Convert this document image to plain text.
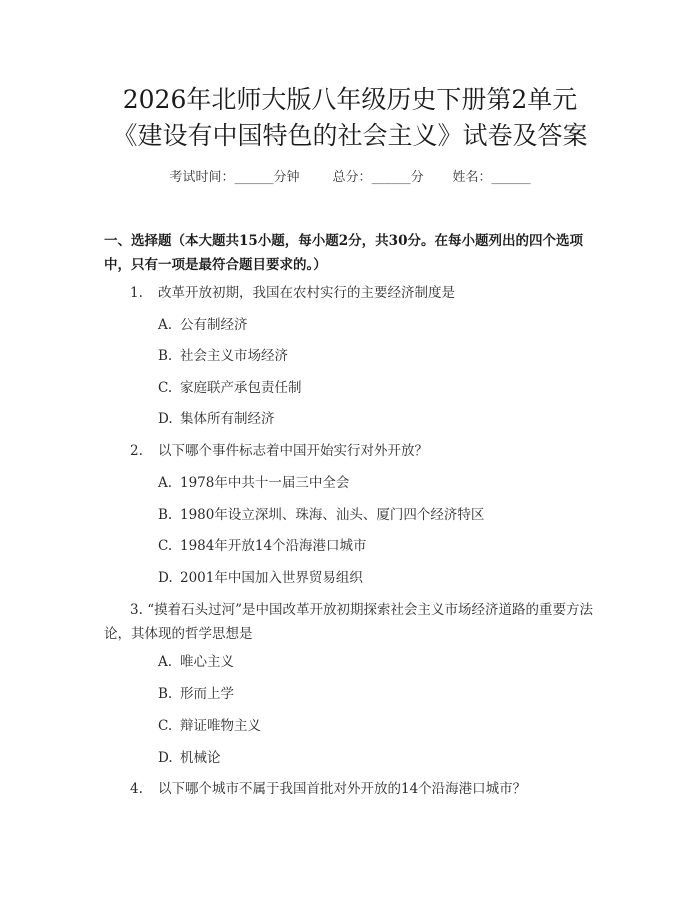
2026年北师大版八年级历史下册第2单元
《建设有中国特色的社会主义》试卷及答案
考试时间：______分钟	总分：______分 姓名：______
一、选择题（本大题共15小题，每小题2分，共30分。在每小题列出的四个选项中，只有一项是最符合题目要求的。）
1.	改革开放初期，我国在农村实行的主要经济制度是
A. 公有制经济
B. 社会主义市场经济
C. 家庭联产承包责任制
D. 集体所有制经济
2.	以下哪个事件标志着中国开始实行对外开放？
A. 1978年中共十一届三中全会
B. 1980年设立深圳、珠海、汕头、厦门四个经济特区
C. 1984年开放14个沿海港口城市
D. 2001年中国加入世界贸易组织
3. “摸着石头过河”是中国改革开放初期探索社会主义市场经济道路的重要方法论，其体现的哲学思想是
A. 唯心主义
B. 形而上学
C. 辩证唯物主义
D. 机械论
4.	以下哪个城市不属于我国首批对外开放的14个沿海港口城市？
